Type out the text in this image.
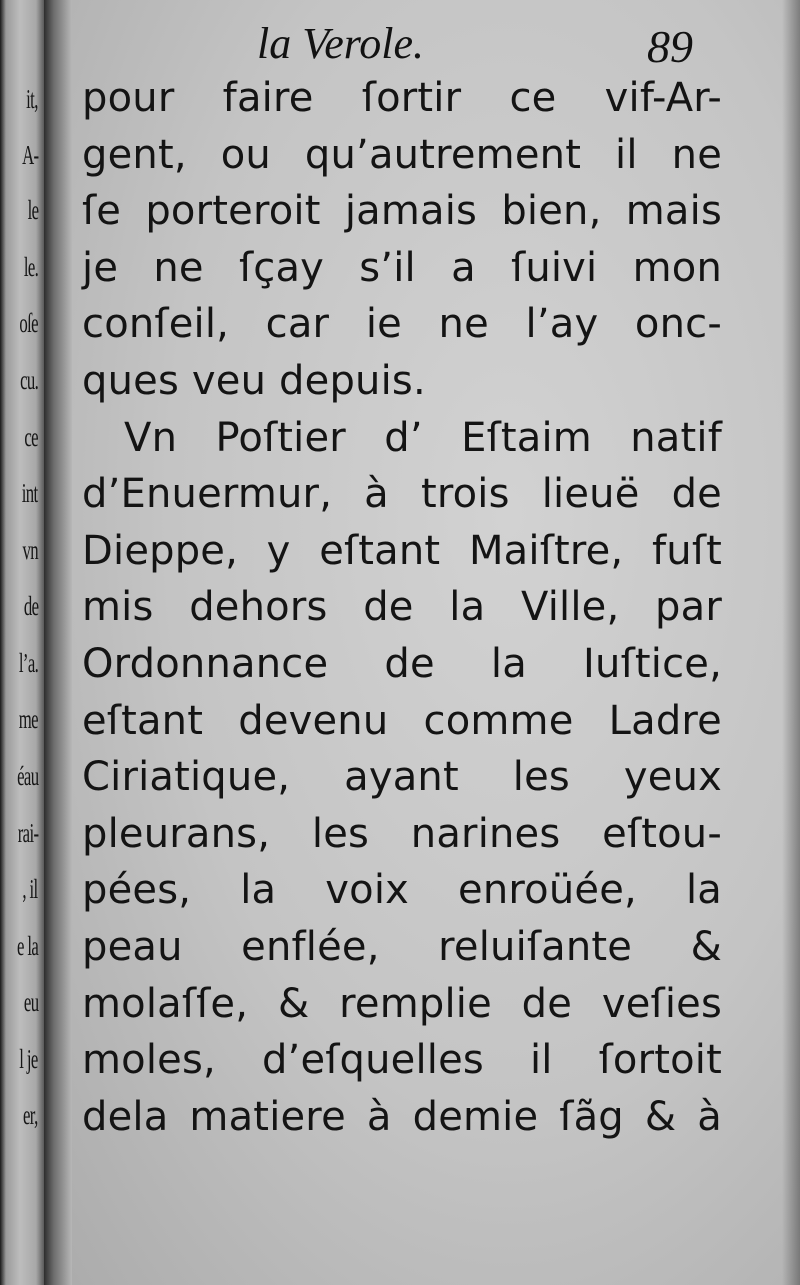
it,
A-
le
le.
oſe
cu.
ce
int
vn
de
l’a.
me
éau
rai-
, il
e la
eu
l je
er,
la Verole.	89
pour faire ſortir ce vif-Ar-
gent, ou qu’autrement il ne
ſe porteroit jamais bien, mais
je ne ſçay s’il a ſuivi mon
conſeil, car ie ne l’ay onc-
ques veu depuis.
Vn Poſtier d’ Eſtaim natif
d’Enuermur, à trois lieuë de
Dieppe, y eſtant Maiſtre, fuſt
mis dehors de la Ville, par
Ordonnance de la Iuſtice,
eſtant devenu comme Ladre
Ciriatique, ayant les yeux
pleurans, les narines eſtou-
pées, la voix enroüée, la
peau enflée, reluiſante &
molaſſe, & remplie de veſies
moles, d’eſquelles il ſortoit
dela matiere à demie ſãg & à
